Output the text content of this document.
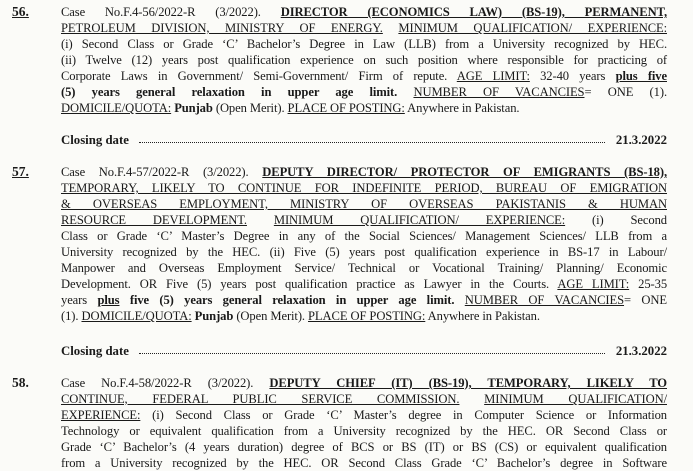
56.	Case No.F.4-56/2022-R (3/2022). DIRECTOR (ECONOMICS LAW) (BS-19), PERMANENT,
PETROLEUM DIVISION, MINISTRY OF ENERGY. MINIMUM QUALIFICATION/ EXPERIENCE:
(i) Second Class or Grade ‘C’ Bachelor’s Degree in Law (LLB) from a University recognized by HEC.
(ii) Twelve (12) years post qualification experience on such position where responsible for practicing of
Corporate Laws in Government/ Semi-Government/ Firm of repute. AGE LIMIT: 32-40 years plus five
(5) years general relaxation in upper age limit. NUMBER OF VACANCIES= ONE (1).
DOMICILE/QUOTA: Punjab (Open Merit). PLACE OF POSTING: Anywhere in Pakistan.
Closing date	21.3.2022
57.	Case No.F.4-57/2022-R (3/2022). DEPUTY DIRECTOR/ PROTECTOR OF EMIGRANTS (BS-18),
TEMPORARY, LIKELY TO CONTINUE FOR INDEFINITE PERIOD, BUREAU OF EMIGRATION
& OVERSEAS EMPLOYMENT, MINISTRY OF OVERSEAS PAKISTANIS & HUMAN
RESOURCE DEVELOPMENT. MINIMUM QUALIFICATION/ EXPERIENCE: (i) Second
Class or Grade ‘C’ Master’s Degree in any of the Social Sciences/ Management Sciences/ LLB from a
University recognized by the HEC. (ii) Five (5) years post qualification experience in BS-17 in Labour/
Manpower and Overseas Employment Service/ Technical or Vocational Training/ Planning/ Economic
Development. OR Five (5) years post qualification practice as Lawyer in the Courts. AGE LIMIT: 25-35
years plus five (5) years general relaxation in upper age limit. NUMBER OF VACANCIES= ONE
(1). DOMICILE/QUOTA: Punjab (Open Merit). PLACE OF POSTING: Anywhere in Pakistan.
Closing date	21.3.2022
58.	Case No.F.4-58/2022-R (3/2022). DEPUTY CHIEF (IT) (BS-19), TEMPORARY, LIKELY TO
CONTINUE, FEDERAL PUBLIC SERVICE COMMISSION. MINIMUM QUALIFICATION/
EXPERIENCE: (i) Second Class or Grade ‘C’ Master’s degree in Computer Science or Information
Technology or equivalent qualification from a University recognized by the HEC. OR Second Class or
Grade ‘C’ Bachelor’s (4 years duration) degree of BCS or BS (IT) or BS (CS) or equivalent qualification
from a University recognized by the HEC. OR Second Class Grade ‘C’ Bachelor’s degree in Software
